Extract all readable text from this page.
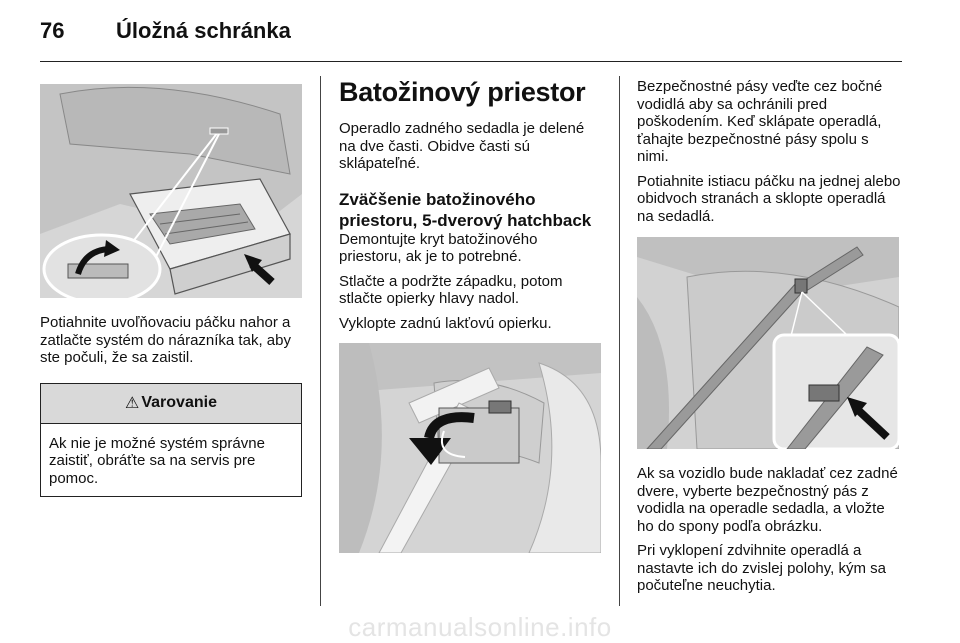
76 Úložná schránka

Potiahnite uvoľňovaciu páčku nahor a zatlačte systém do nárazníka tak, aby ste počuli, že sa zaistil.

⚠ Varovanie
Ak nie je možné systém správne zaistiť, obráťte sa na servis pre pomoc.
Batožinový priestor

Operadlo zadného sedadla je delené na dve časti. Obidve časti sú sklápateľné.

Zväčšenie batožinového priestoru, 5-dverový hatchback

Demontujte kryt batožinového priestoru, ak je to potrebné.

Stlačte a podržte západku, potom stlačte opierky hlavy nadol.

Vyklopte zadnú lakťovú opierku.

Bezpečnostné pásy veďte cez bočné vodidlá aby sa ochránili pred poškodením. Keď sklápate operadlá, ťahajte bezpečnostné pásy spolu s nimi.

Potiahnite istiacu páčku na jednej alebo obidvoch stranách a sklopte operadlá na sedadlá.

Ak sa vozidlo bude nakladať cez zadné dvere, vyberte bezpečnostný pás z vodidla na operadle sedadla, a vložte ho do spony podľa obrázku.

Pri vyklopení zdvihnite operadlá a nastavte ich do zvislej polohy, kým sa počuteľne neuchytia.

carmanualsonline.info
